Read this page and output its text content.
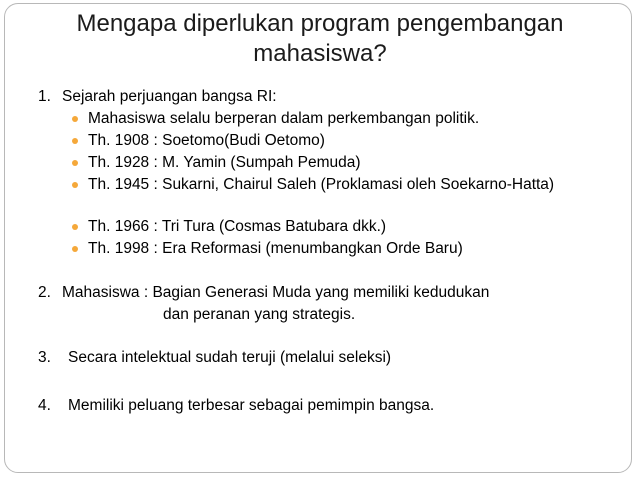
Mengapa diperlukan program pengembangan mahasiswa?
1. Sejarah perjuangan bangsa RI:
Mahasiswa selalu berperan dalam perkembangan politik.
Th. 1908 : Soetomo(Budi Oetomo)
Th. 1928 : M. Yamin (Sumpah Pemuda)
Th. 1945 : Sukarni, Chairul Saleh (Proklamasi oleh Soekarno-Hatta)
Th. 1966 : Tri Tura (Cosmas Batubara dkk.)
Th. 1998 : Era Reformasi (menumbangkan Orde Baru)
2. Mahasiswa : Bagian Generasi Muda yang memiliki kedudukan
dan peranan yang strategis.
3. Secara intelektual sudah teruji (melalui seleksi)
4. Memiliki peluang terbesar sebagai pemimpin bangsa.
